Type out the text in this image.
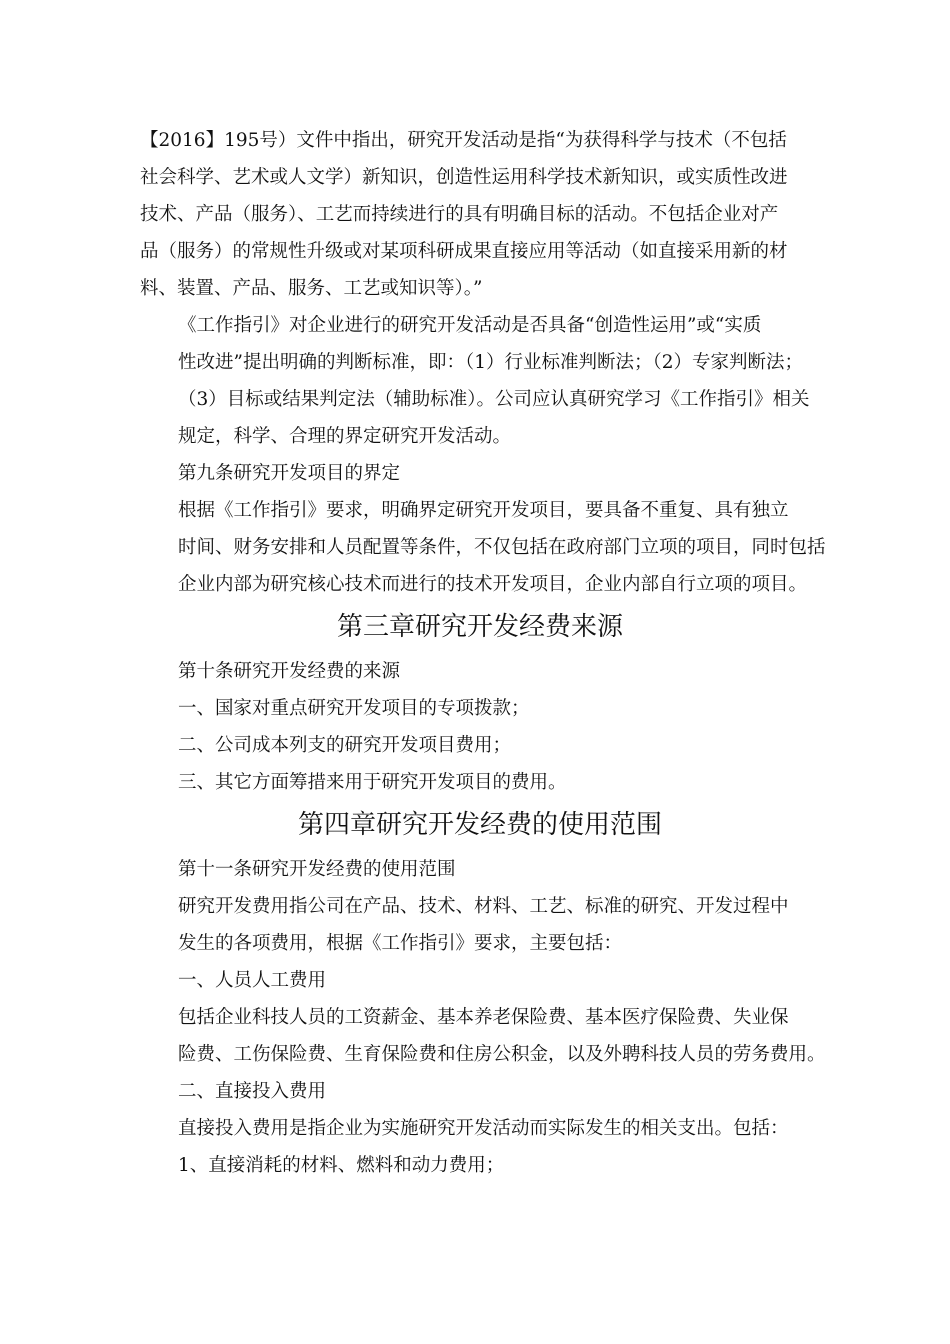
【2016】195号）文件中指出，研究开发活动是指“为获得科学与技术（不包括
社会科学、艺术或人文学）新知识，创造性运用科学技术新知识，或实质性改进
技术、产品（服务）、工艺而持续进行的具有明确目标的活动。不包括企业对产
品（服务）的常规性升级或对某项科研成果直接应用等活动（如直接采用新的材
料、装置、产品、服务、工艺或知识等）。”
《工作指引》对企业进行的研究开发活动是否具备“创造性运用”或“实质
性改进”提出明确的判断标准，即：（1）行业标准判断法；（2）专家判断法；
（3）目标或结果判定法（辅助标准）。公司应认真研究学习《工作指引》相关
规定，科学、合理的界定研究开发活动。
第九条研究开发项目的界定
根据《工作指引》要求，明确界定研究开发项目，要具备不重复、具有独立
时间、财务安排和人员配置等条件，不仅包括在政府部门立项的项目，同时包括
企业内部为研究核心技术而进行的技术开发项目，企业内部自行立项的项目。
第三章研究开发经费来源
第十条研究开发经费的来源
一、国家对重点研究开发项目的专项拨款；
二、公司成本列支的研究开发项目费用；
三、其它方面筹措来用于研究开发项目的费用。
第四章研究开发经费的使用范围
第十一条研究开发经费的使用范围
研究开发费用指公司在产品、技术、材料、工艺、标准的研究、开发过程中
发生的各项费用，根据《工作指引》要求，主要包括：
一、人员人工费用
包括企业科技人员的工资薪金、基本养老保险费、基本医疗保险费、失业保
险费、工伤保险费、生育保险费和住房公积金，以及外聘科技人员的劳务费用。
二、直接投入费用
直接投入费用是指企业为实施研究开发活动而实际发生的相关支出。包括：
1、直接消耗的材料、燃料和动力费用；
